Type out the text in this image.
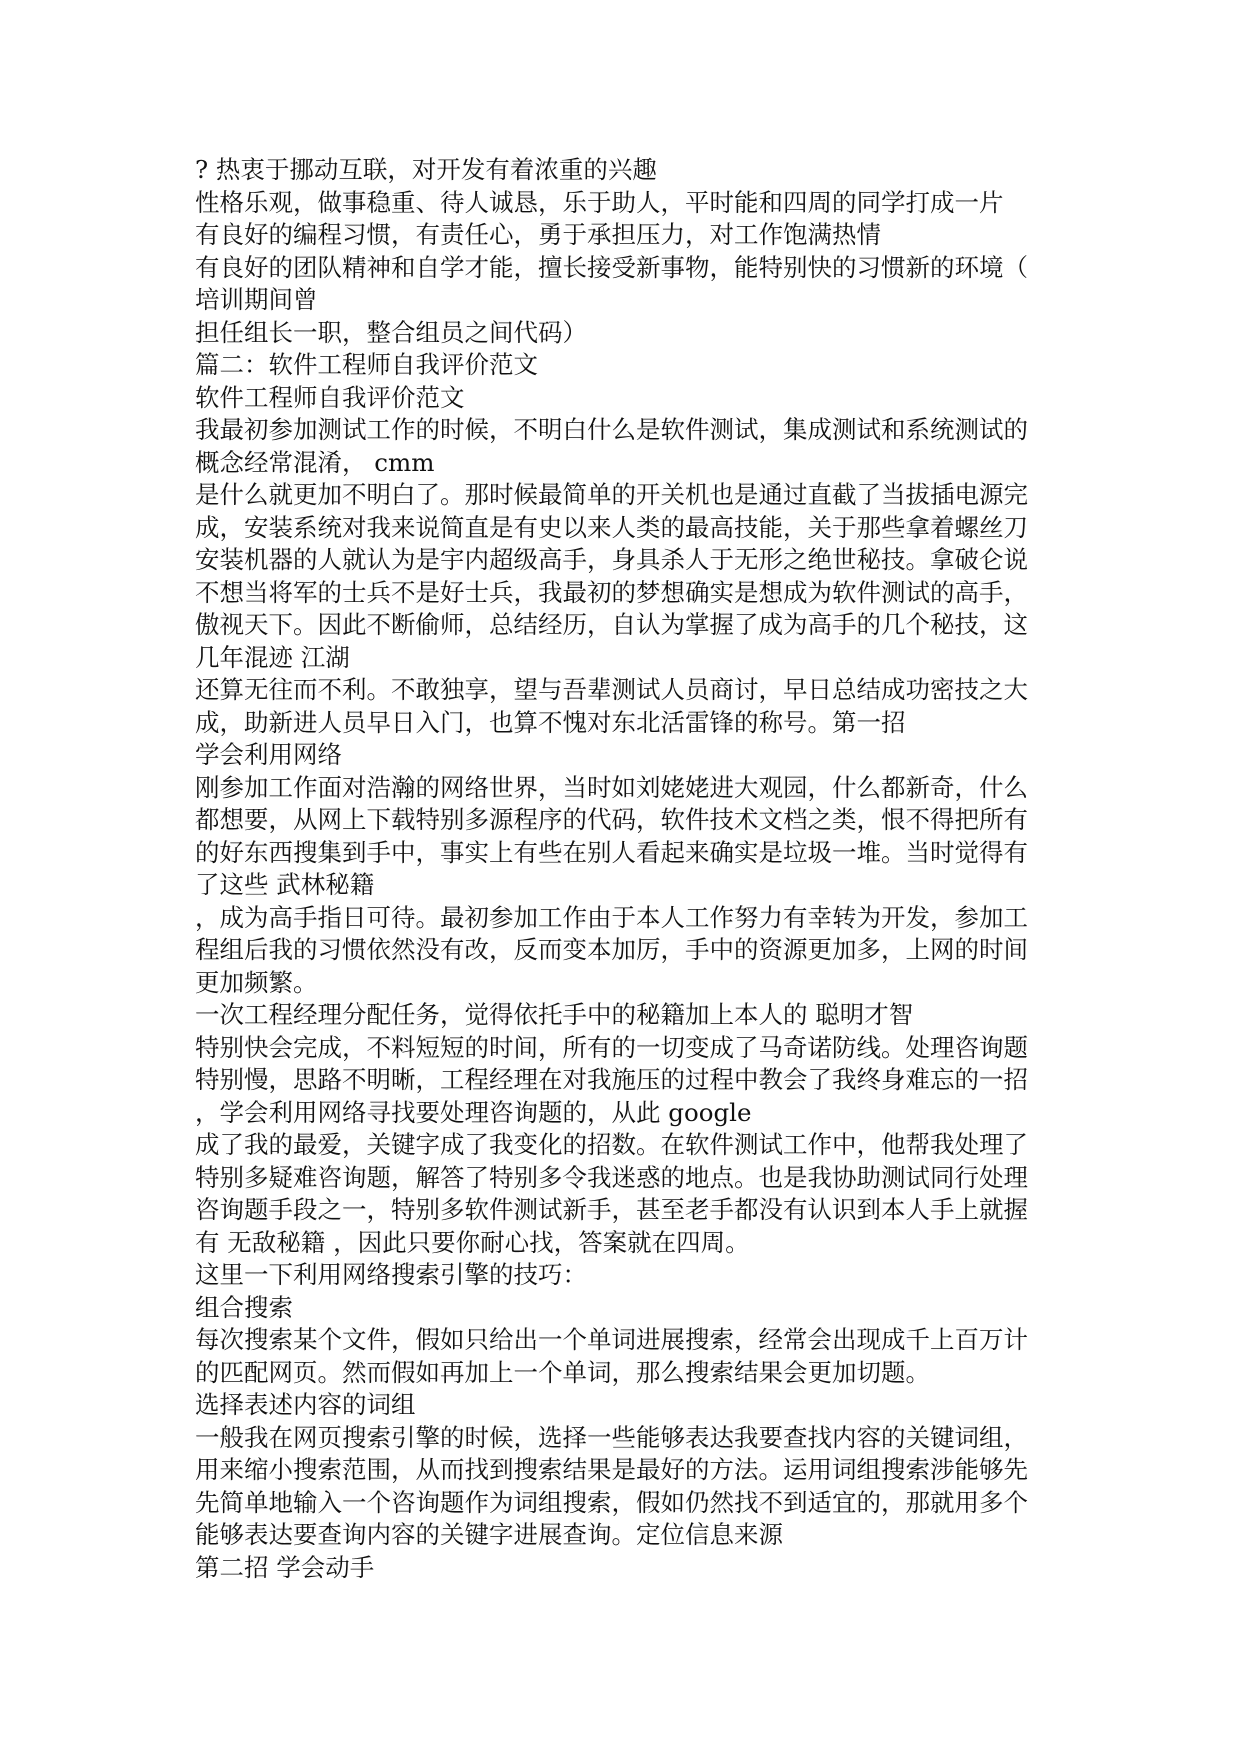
? 热衷于挪动互联，对开发有着浓重的兴趣
性格乐观，做事稳重、待人诚恳，乐于助人，平时能和四周的同学打成一片
有良好的编程习惯，有责任心，勇于承担压力，对工作饱满热情
有良好的团队精神和自学才能，擅长接受新事物，能特别快的习惯新的环境（
培训期间曾
担任组长一职，整合组员之间代码）
篇二：软件工程师自我评价范文
软件工程师自我评价范文
我最初参加测试工作的时候，不明白什么是软件测试，集成测试和系统测试的
概念经常混淆， cmm
是什么就更加不明白了。那时候最简单的开关机也是通过直截了当拔插电源完
成，安装系统对我来说简直是有史以来人类的最高技能，关于那些拿着螺丝刀
安装机器的人就认为是宇内超级高手，身具杀人于无形之绝世秘技。拿破仑说
不想当将军的士兵不是好士兵，我最初的梦想确实是想成为软件测试的高手，
傲视天下。因此不断偷师，总结经历，自认为掌握了成为高手的几个秘技，这
几年混迹 江湖
还算无往而不利。不敢独享，望与吾辈测试人员商讨，早日总结成功密技之大
成，助新进人员早日入门，也算不愧对东北活雷锋的称号。第一招
学会利用网络
刚参加工作面对浩瀚的网络世界，当时如刘姥姥进大观园，什么都新奇，什么
都想要，从网上下载特别多源程序的代码，软件技术文档之类，恨不得把所有
的好东西搜集到手中，事实上有些在别人看起来确实是垃圾一堆。当时觉得有
了这些 武林秘籍
，成为高手指日可待。最初参加工作由于本人工作努力有幸转为开发，参加工
程组后我的习惯依然没有改，反而变本加厉，手中的资源更加多，上网的时间
更加频繁。
一次工程经理分配任务，觉得依托手中的秘籍加上本人的 聪明才智
特别快会完成，不料短短的时间，所有的一切变成了马奇诺防线。处理咨询题
特别慢，思路不明晰，工程经理在对我施压的过程中教会了我终身难忘的一招
，学会利用网络寻找要处理咨询题的，从此 google
成了我的最爱，关键字成了我变化的招数。在软件测试工作中，他帮我处理了
特别多疑难咨询题，解答了特别多令我迷惑的地点。也是我协助测试同行处理
咨询题手段之一，特别多软件测试新手，甚至老手都没有认识到本人手上就握
有 无敌秘籍 ，因此只要你耐心找，答案就在四周。
这里一下利用网络搜索引擎的技巧：
组合搜索
每次搜索某个文件，假如只给出一个单词进展搜索，经常会出现成千上百万计
的匹配网页。然而假如再加上一个单词，那么搜索结果会更加切题。
选择表述内容的词组
一般我在网页搜索引擎的时候，选择一些能够表达我要查找内容的关键词组，
用来缩小搜索范围，从而找到搜索结果是最好的方法。运用词组搜索涉能够先
先简单地输入一个咨询题作为词组搜索，假如仍然找不到适宜的，那就用多个
能够表达要查询内容的关键字进展查询。定位信息来源
第二招 学会动手
